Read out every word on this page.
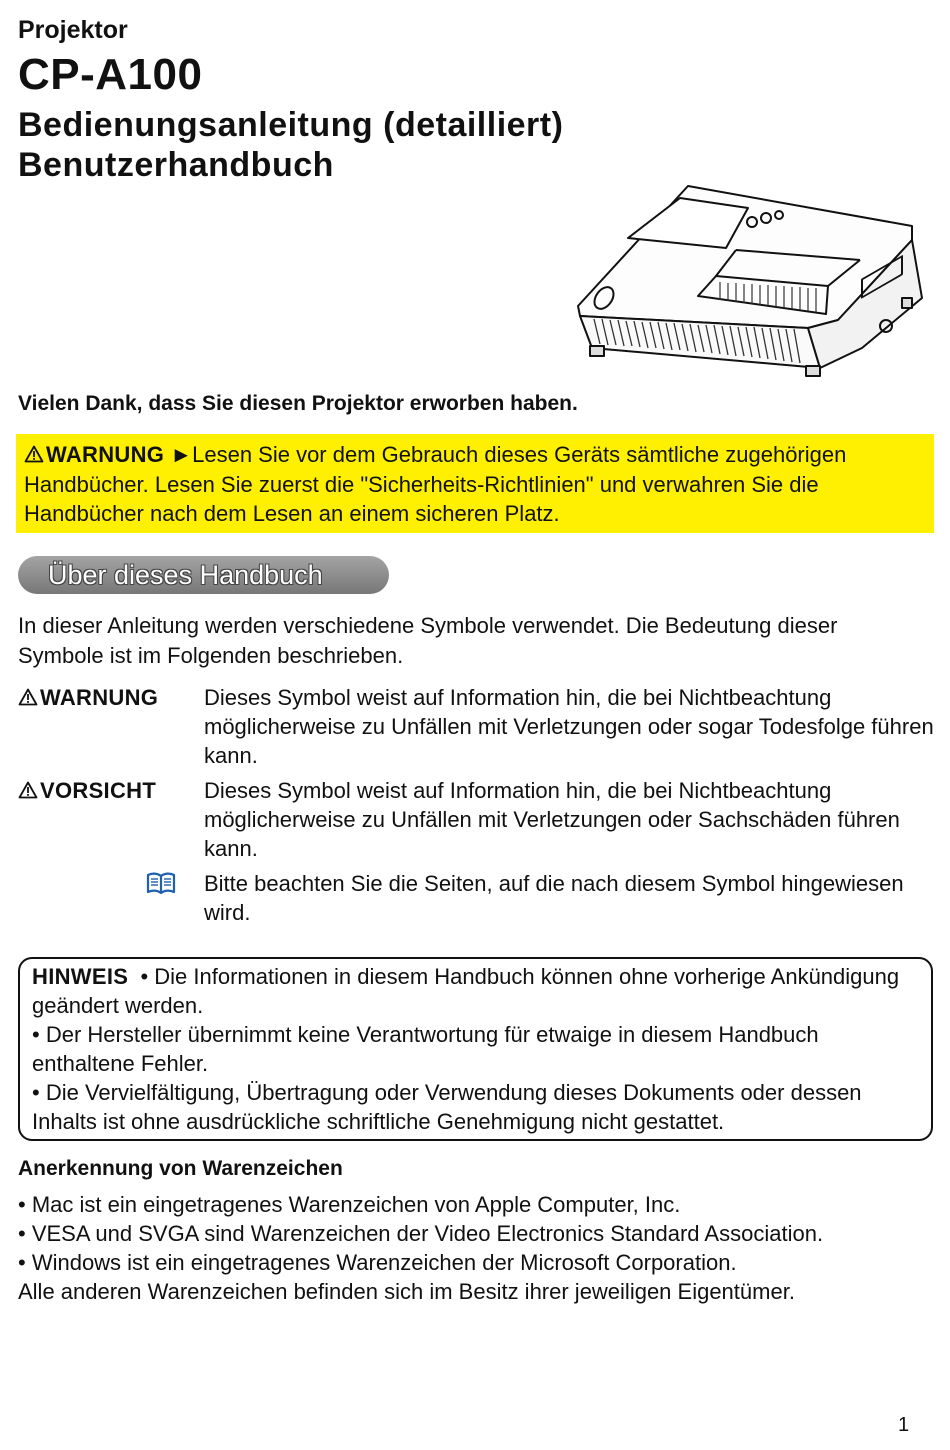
Projektor
CP-A100
Bedienungsanleitung (detailliert)
Benutzerhandbuch
Vielen Dank, dass Sie diesen Projektor erworben haben.
WARNUNG ►Lesen Sie vor dem Gebrauch dieses Geräts sämtliche zugehörigen Handbücher. Lesen Sie zuerst die "Sicherheits-Richtlinien" und verwahren Sie die Handbücher nach dem Lesen an einem sicheren Platz.
Über dieses Handbuch
In dieser Anleitung werden verschiedene Symbole verwendet. Die Bedeutung dieser Symbole ist im Folgenden beschrieben.
WARNUNG Dieses Symbol weist auf Information hin, die bei Nichtbeachtung möglicherweise zu Unfällen mit Verletzungen oder sogar Todesfolge führen kann.
VORSICHT Dieses Symbol weist auf Information hin, die bei Nichtbeachtung möglicherweise zu Unfällen mit Verletzungen oder Sachschäden führen kann.
Bitte beachten Sie die Seiten, auf die nach diesem Symbol hingewiesen wird.
HINWEIS • Die Informationen in diesem Handbuch können ohne vorherige Ankündigung geändert werden.
• Der Hersteller übernimmt keine Verantwortung für etwaige in diesem Handbuch enthaltene Fehler.
• Die Vervielfältigung, Übertragung oder Verwendung dieses Dokuments oder dessen Inhalts ist ohne ausdrückliche schriftliche Genehmigung nicht gestattet.
Anerkennung von Warenzeichen
• Mac ist ein eingetragenes Warenzeichen von Apple Computer, Inc.
• VESA und SVGA sind Warenzeichen der Video Electronics Standard Association.
• Windows ist ein eingetragenes Warenzeichen der Microsoft Corporation.
Alle anderen Warenzeichen befinden sich im Besitz ihrer jeweiligen Eigentümer.
1
